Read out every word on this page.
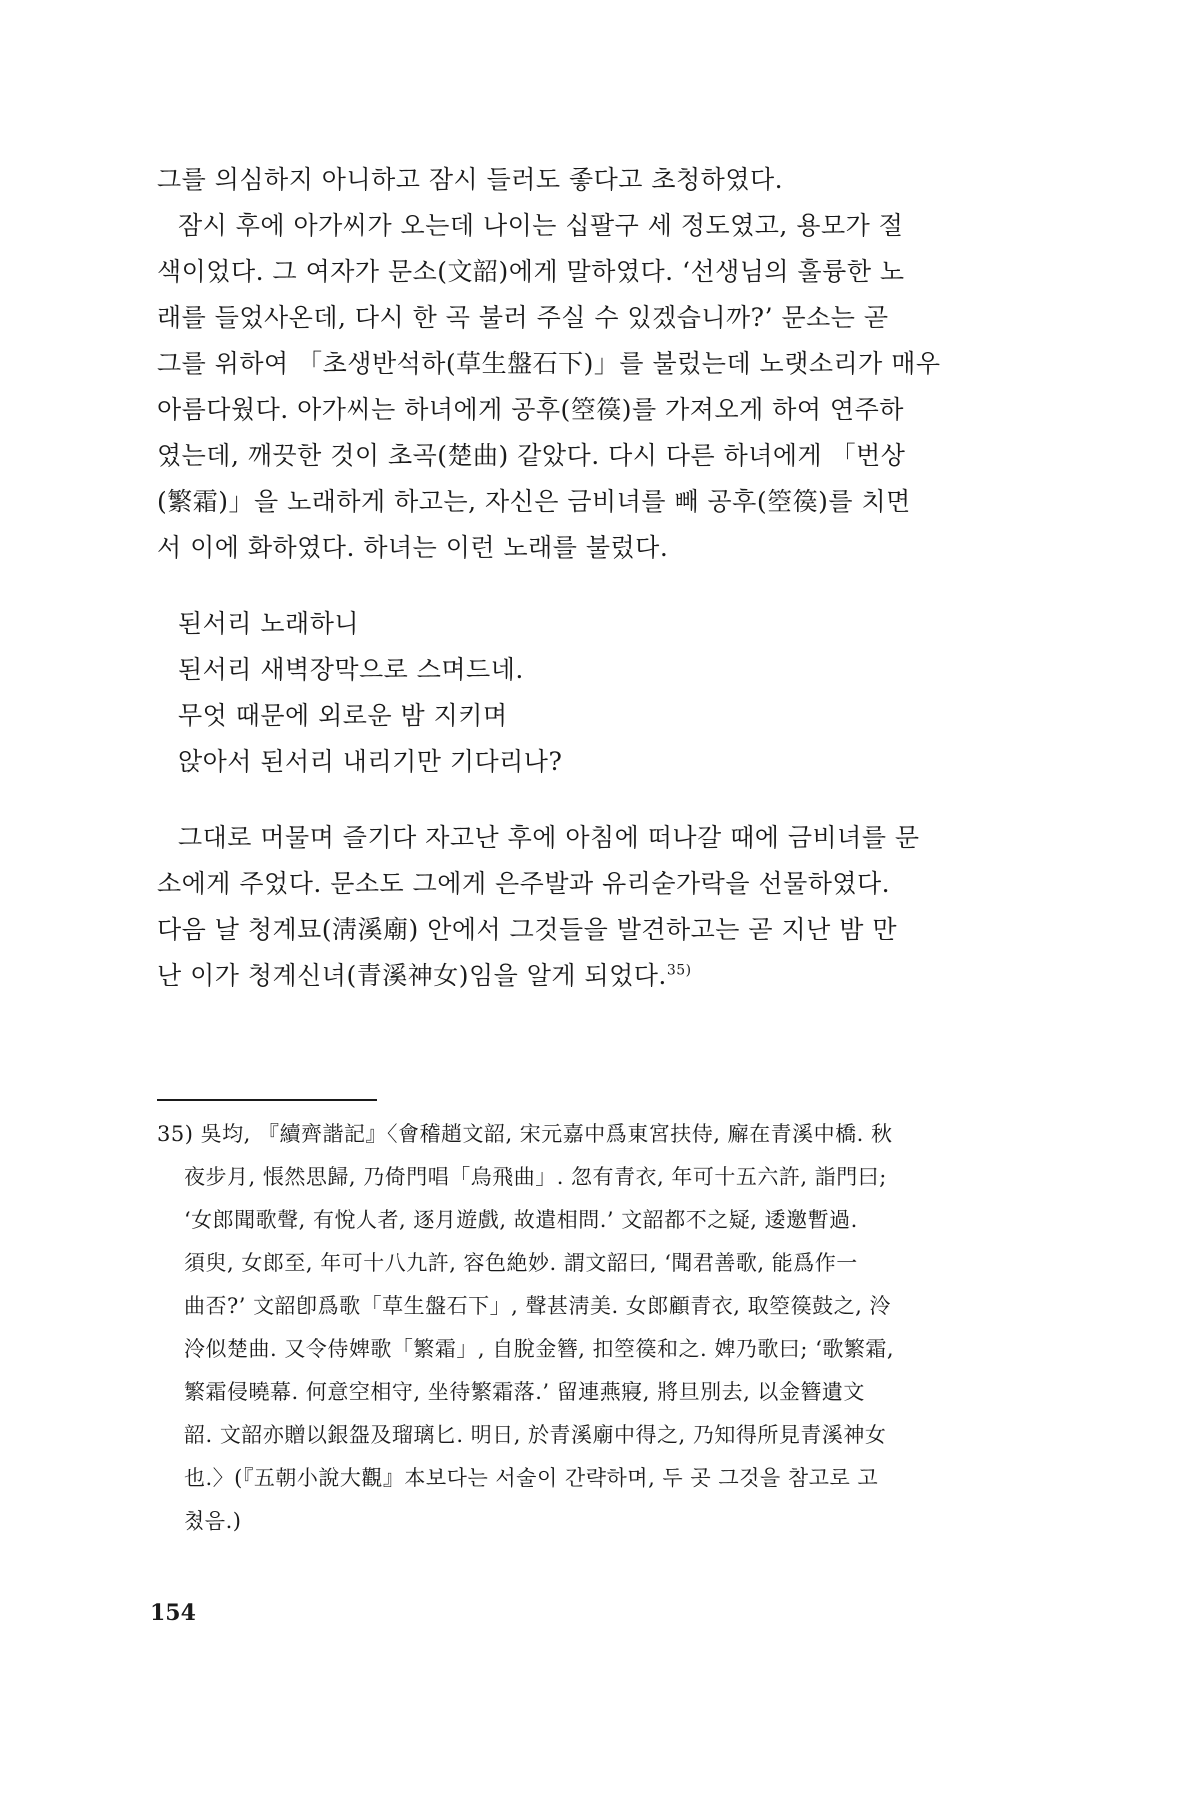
그를 의심하지 아니하고 잠시 들러도 좋다고 초청하였다.
잠시 후에 아가씨가 오는데 나이는 십팔구 세 정도였고, 용모가 절
색이었다. 그 여자가 문소(文韶)에게 말하였다. ‘선생님의 훌륭한 노
래를 들었사온데, 다시 한 곡 불러 주실 수 있겠습니까?’ 문소는 곧
그를 위하여 「초생반석하(草生盤石下)」를 불렀는데 노랫소리가 매우
아름다웠다. 아가씨는 하녀에게 공후(箜篌)를 가져오게 하여 연주하
였는데, 깨끗한 것이 초곡(楚曲) 같았다. 다시 다른 하녀에게 「번상
(繁霜)」을 노래하게 하고는, 자신은 금비녀를 빼 공후(箜篌)를 치면
서 이에 화하였다. 하녀는 이런 노래를 불렀다.
된서리 노래하니
된서리 새벽장막으로 스며드네.
무엇 때문에 외로운 밤 지키며
앉아서 된서리 내리기만 기다리나?
그대로 머물며 즐기다 자고난 후에 아침에 떠나갈 때에 금비녀를 문
소에게 주었다. 문소도 그에게 은주발과 유리숟가락을 선물하였다.
다음 날 청계묘(淸溪廟) 안에서 그것들을 발견하고는 곧 지난 밤 만
난 이가 청계신녀(青溪神女)임을 알게 되었다.$^{35)}$
35) 吳均, 『續齊諧記』〈會稽趙文韶, 宋元嘉中爲東宮扶侍, 廨在青溪中橋. 秋
夜步月, 悵然思歸, 乃倚門唱「烏飛曲」. 忽有青衣, 年可十五六許, 詣門曰;
‘女郎聞歌聲, 有悅人者, 逐月遊戲, 故遣相問.’ 文韶都不之疑, 逶邀暫過.
須臾, 女郎至, 年可十八九許, 容色絶妙. 謂文韶曰, ‘聞君善歌, 能爲作一
曲否?’ 文韶卽爲歌「草生盤石下」, 聲甚淸美. 女郎顧青衣, 取箜篌鼓之, 泠
泠似楚曲. 又令侍婢歌「繁霜」, 自脫金簪, 扣箜篌和之. 婢乃歌曰; ‘歌繁霜,
繁霜侵曉幕. 何意空相守, 坐待繁霜落.’ 留連燕寢, 將旦別去, 以金簪遺文
韶. 文韶亦贈以銀盌及瑠璃匕. 明日, 於青溪廟中得之, 乃知得所見青溪神女
也.〉(『五朝小說大觀』本보다는 서술이 간략하며, 두 곳 그것을 참고로 고
쳤음.)
154
